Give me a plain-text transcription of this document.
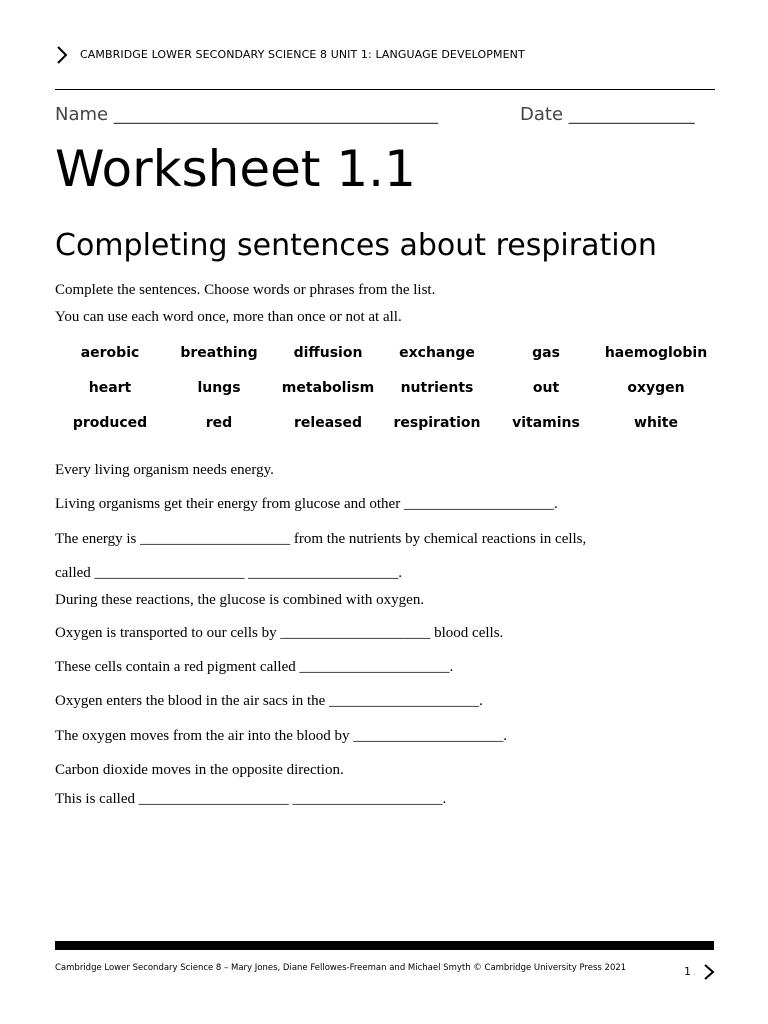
CAMBRIDGE LOWER SECONDARY SCIENCE 8 UNIT 1: LANGUAGE DEVELOPMENT
Name ____________________________________	Date ______________
Worksheet 1.1
Completing sentences about respiration
Complete the sentences. Choose words or phrases from the list.
You can use each word once, more than once or not at all.
aerobic	breathing	diffusion	exchange	gas	haemoglobin
heart	lungs	metabolism	nutrients	out	oxygen
produced	red	released	respiration	vitamins	white
Every living organism needs energy.
Living organisms get their energy from glucose and other ____________________.
The energy is ____________________ from the nutrients by chemical reactions in cells,
called ____________________ ____________________.
During these reactions, the glucose is combined with oxygen.
Oxygen is transported to our cells by ____________________ blood cells.
These cells contain a red pigment called ____________________.
Oxygen enters the blood in the air sacs in the ____________________.
The oxygen moves from the air into the blood by ____________________.
Carbon dioxide moves in the opposite direction.
This is called ____________________ ____________________.
Cambridge Lower Secondary Science 8 – Mary Jones, Diane Fellowes-Freeman and Michael Smyth © Cambridge University Press 2021	1
